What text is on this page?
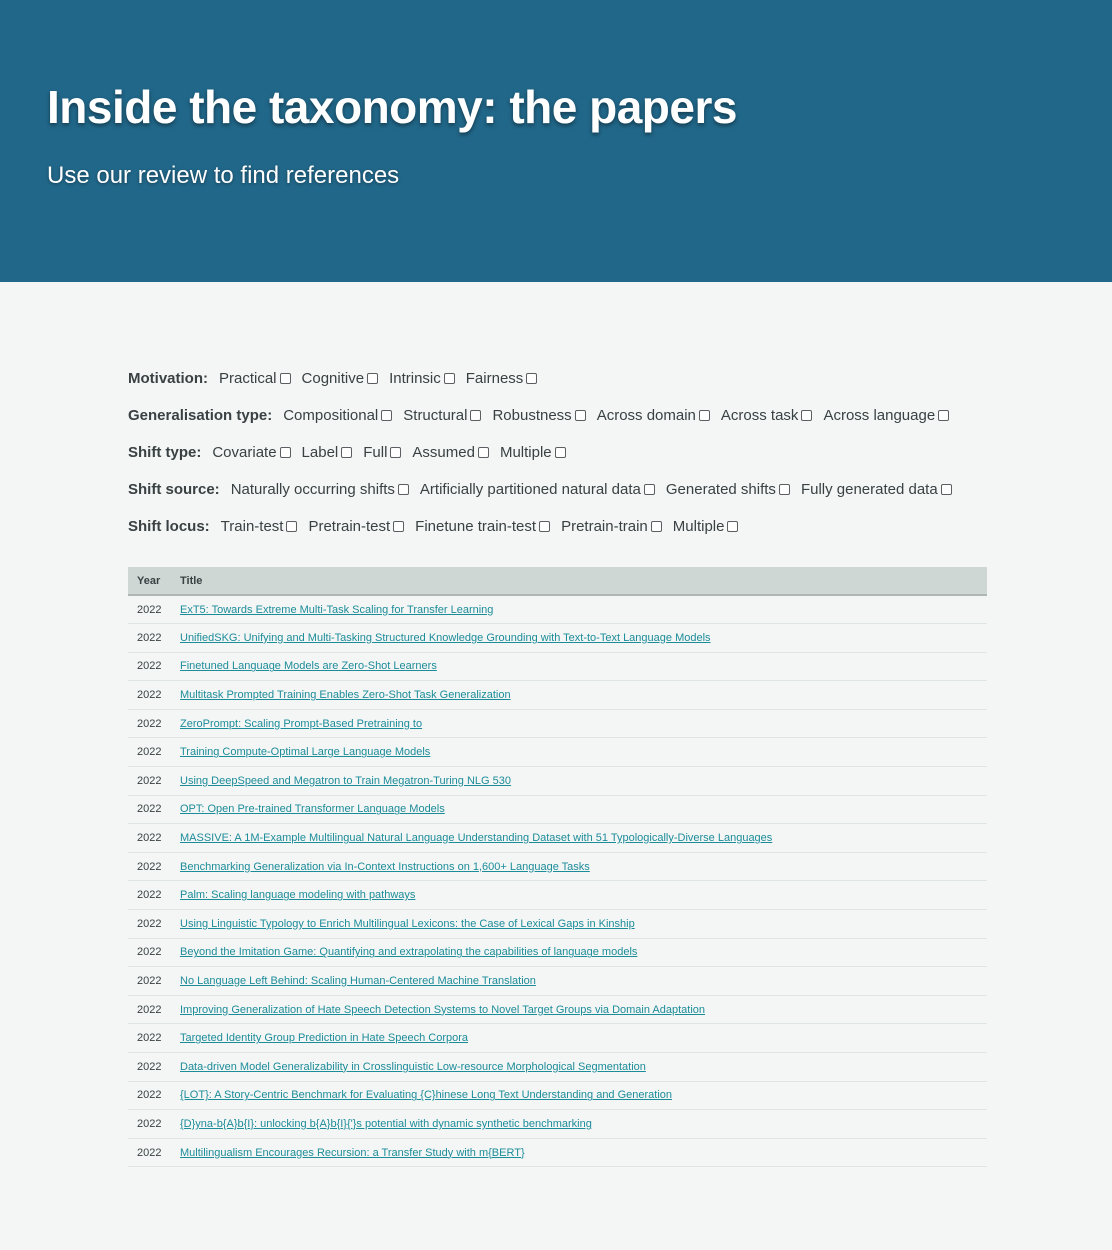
Inside the taxonomy: the papers

Use our review to find references

Motivation: Practical Cognitive Intrinsic Fairness
Generalisation type: Compositional Structural Robustness Across domain Across task Across language
Shift type: Covariate Label Full Assumed Multiple
Shift source: Naturally occurring shifts Artificially partitioned natural data Generated shifts Fully generated data
Shift locus: Train-test Pretrain-test Finetune train-test Pretrain-train Multiple
Year	Title
2022	ExT5: Towards Extreme Multi-Task Scaling for Transfer Learning
2022	UnifiedSKG: Unifying and Multi-Tasking Structured Knowledge Grounding with Text-to-Text Language Models
2022	Finetuned Language Models are Zero-Shot Learners
2022	Multitask Prompted Training Enables Zero-Shot Task Generalization
2022	ZeroPrompt: Scaling Prompt-Based Pretraining to
2022	Training Compute-Optimal Large Language Models
2022	Using DeepSpeed and Megatron to Train Megatron-Turing NLG 530
2022	OPT: Open Pre-trained Transformer Language Models
2022	MASSIVE: A 1M-Example Multilingual Natural Language Understanding Dataset with 51 Typologically-Diverse Languages
2022	Benchmarking Generalization via In-Context Instructions on 1,600+ Language Tasks
2022	Palm: Scaling language modeling with pathways
2022	Using Linguistic Typology to Enrich Multilingual Lexicons: the Case of Lexical Gaps in Kinship
2022	Beyond the Imitation Game: Quantifying and extrapolating the capabilities of language models
2022	No Language Left Behind: Scaling Human-Centered Machine Translation
2022	Improving Generalization of Hate Speech Detection Systems to Novel Target Groups via Domain Adaptation
2022	Targeted Identity Group Prediction in Hate Speech Corpora
2022	Data-driven Model Generalizability in Crosslinguistic Low-resource Morphological Segmentation
2022	{LOT}: A Story-Centric Benchmark for Evaluating {C}hinese Long Text Understanding and Generation
2022	{D}yna-b{A}b{I}: unlocking b{A}b{I}{'}s potential with dynamic synthetic benchmarking
2022	Multilingualism Encourages Recursion: a Transfer Study with m{BERT}
